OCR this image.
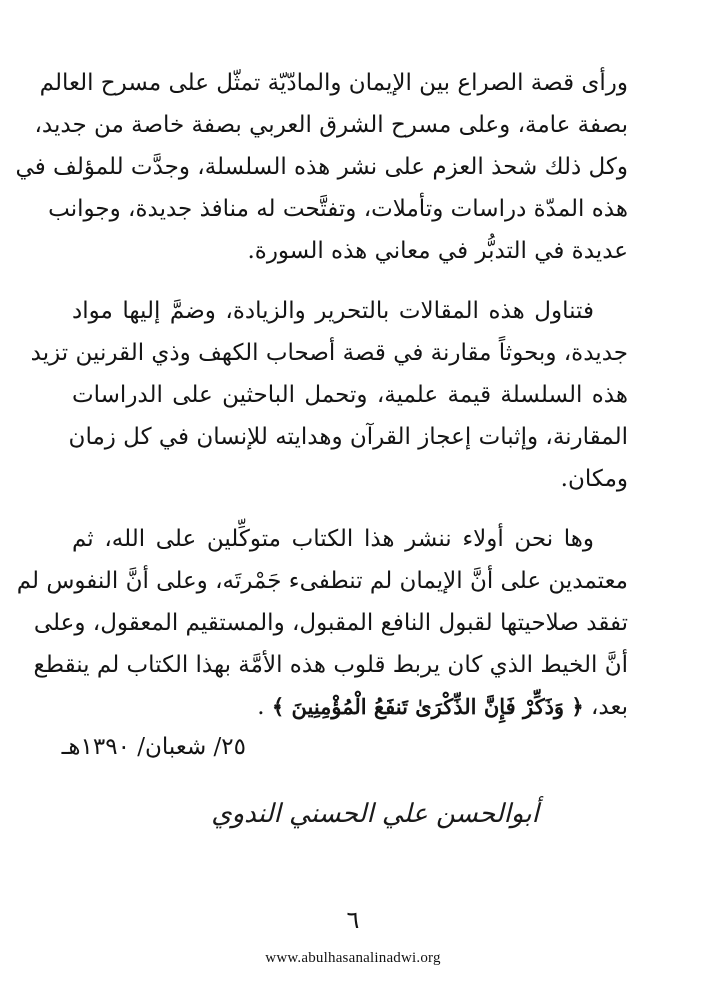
ورأى قصة الصراع بين الإيمان والمادّيّة تمثّل على مسرح العالم
بصفة عامة، وعلى مسرح الشرق العربي بصفة خاصة من جديد،
وكل ذلك شحذ العزم على نشر هذه السلسلة، وجدَّت للمؤلف في
هذه المدّة دراسات وتأملات، وتفتَّحت له منافذ جديدة، وجوانب
عديدة في التدبُّر في معاني هذه السورة.
فتناول هذه المقالات بالتحرير والزيادة، وضمَّ إليها مواد
جديدة، وبحوثاً مقارنة في قصة أصحاب الكهف وذي القرنين تزيد
هذه السلسلة قيمة علمية، وتحمل الباحثين على الدراسات
المقارنة، وإثبات إعجاز القرآن وهدايته للإنسان في كل زمان
ومكان.
وها نحن أولاء ننشر هذا الكتاب متوكِّلين على الله، ثم
معتمدين على أنَّ الإيمان لم تنطفىء جَمْرتَه، وعلى أنَّ النفوس لم
تفقد صلاحيتها لقبول النافع المقبول، والمستقيم المعقول، وعلى
أنَّ الخيط الذي كان يربط قلوب هذه الأمَّة بهذا الكتاب لم ينقطع
بعد، ﴿ وَذَكِّرْ فَإِنَّ الذِّكْرَىٰ تَنفَعُ الْمُؤْمِنِينَ ﴾ .
٢٥/ شعبان/ ١٣٩٠هـ
أبوالحسن علي الحسني الندوي
٦
www.abulhasanalinadwi.org
